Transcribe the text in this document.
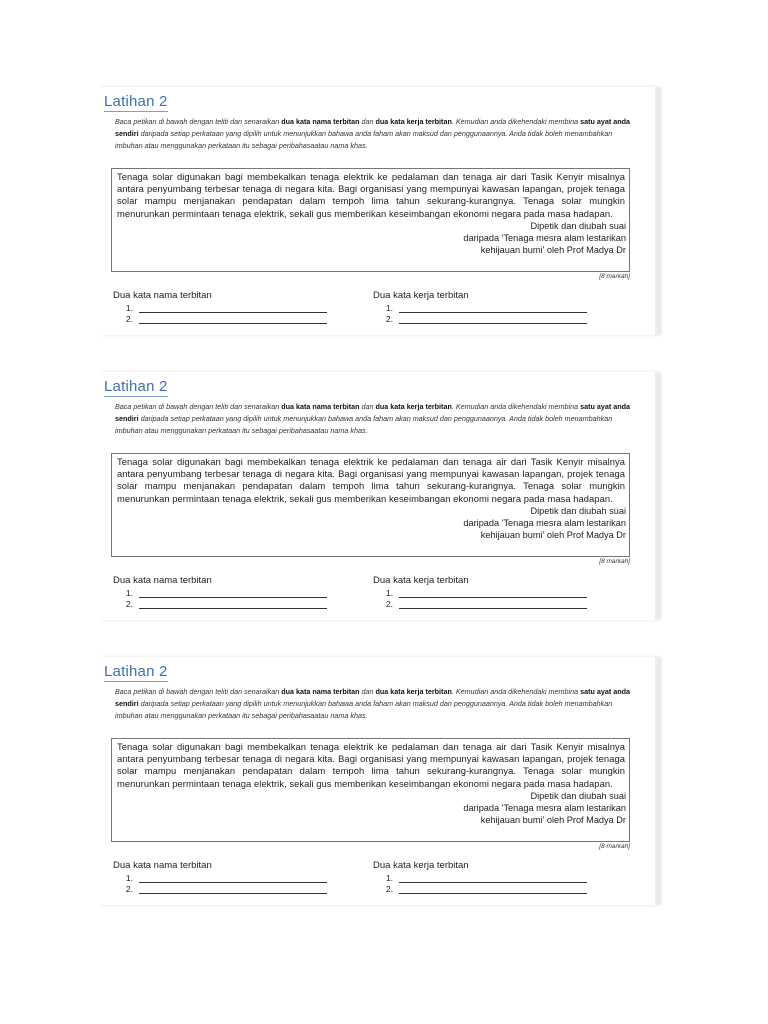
Latihan 2
Baca petikan di bawah dengan teliti dan senaraikan dua kata nama terbitan dan dua kata kerja terbitan. Kemudian anda dikehendaki membina satu ayat anda sendiri daripada setiap perkataan yang dipilih untuk menunjukkan bahawa anda faham akan maksud dan penggunaannya. Anda tidak boleh menambahkan imbuhan atau menggunakan perkataan itu sebagai peribahasaatau nama khas.
Tenaga solar digunakan bagi membekalkan tenaga elektrik ke pedalaman dan tenaga air dari Tasik Kenyir misalnya antara penyumbang terbesar tenaga di negara kita. Bagi organisasi yang mempunyai kawasan lapangan, projek tenaga solar mampu menjanakan pendapatan dalam tempoh lima tahun sekurang-kurangnya. Tenaga solar mungkin menurunkan permintaan tenaga elektrik, sekali gus memberikan keseimbangan ekonomi negara pada masa hadapan.
Dipetik dan diubah suai
daripada 'Tenaga mesra alam lestarikan
kehijauan bumi' oleh Prof Madya Dr
[8 markah]
Dua kata nama terbitan
1.
2.
Dua kata kerja terbitan
1.
2.
Latihan 2
Baca petikan di bawah dengan teliti dan senaraikan dua kata nama terbitan dan dua kata kerja terbitan. Kemudian anda dikehendaki membina satu ayat anda sendiri daripada setiap perkataan yang dipilih untuk menunjukkan bahawa anda faham akan maksud dan penggunaannya. Anda tidak boleh menambahkan imbuhan atau menggunakan perkataan itu sebagai peribahasaatau nama khas.
Tenaga solar digunakan bagi membekalkan tenaga elektrik ke pedalaman dan tenaga air dari Tasik Kenyir misalnya antara penyumbang terbesar tenaga di negara kita. Bagi organisasi yang mempunyai kawasan lapangan, projek tenaga solar mampu menjanakan pendapatan dalam tempoh lima tahun sekurang-kurangnya. Tenaga solar mungkin menurunkan permintaan tenaga elektrik, sekali gus memberikan keseimbangan ekonomi negara pada masa hadapan.
Dipetik dan diubah suai
daripada 'Tenaga mesra alam lestarikan
kehijauan bumi' oleh Prof Madya Dr
[8 markah]
Dua kata nama terbitan
1.
2.
Dua kata kerja terbitan
1.
2.
Latihan 2
Baca petikan di bawah dengan teliti dan senaraikan dua kata nama terbitan dan dua kata kerja terbitan. Kemudian anda dikehendaki membina satu ayat anda sendiri daripada setiap perkataan yang dipilih untuk menunjukkan bahawa anda faham akan maksud dan penggunaannya. Anda tidak boleh menambahkan imbuhan atau menggunakan perkataan itu sebagai peribahasaatau nama khas.
Tenaga solar digunakan bagi membekalkan tenaga elektrik ke pedalaman dan tenaga air dari Tasik Kenyir misalnya antara penyumbang terbesar tenaga di negara kita. Bagi organisasi yang mempunyai kawasan lapangan, projek tenaga solar mampu menjanakan pendapatan dalam tempoh lima tahun sekurang-kurangnya. Tenaga solar mungkin menurunkan permintaan tenaga elektrik, sekali gus memberikan keseimbangan ekonomi negara pada masa hadapan.
Dipetik dan diubah suai
daripada 'Tenaga mesra alam lestarikan
kehijauan bumi' oleh Prof Madya Dr
[8 markah]
Dua kata nama terbitan
1.
2.
Dua kata kerja terbitan
1.
2.
